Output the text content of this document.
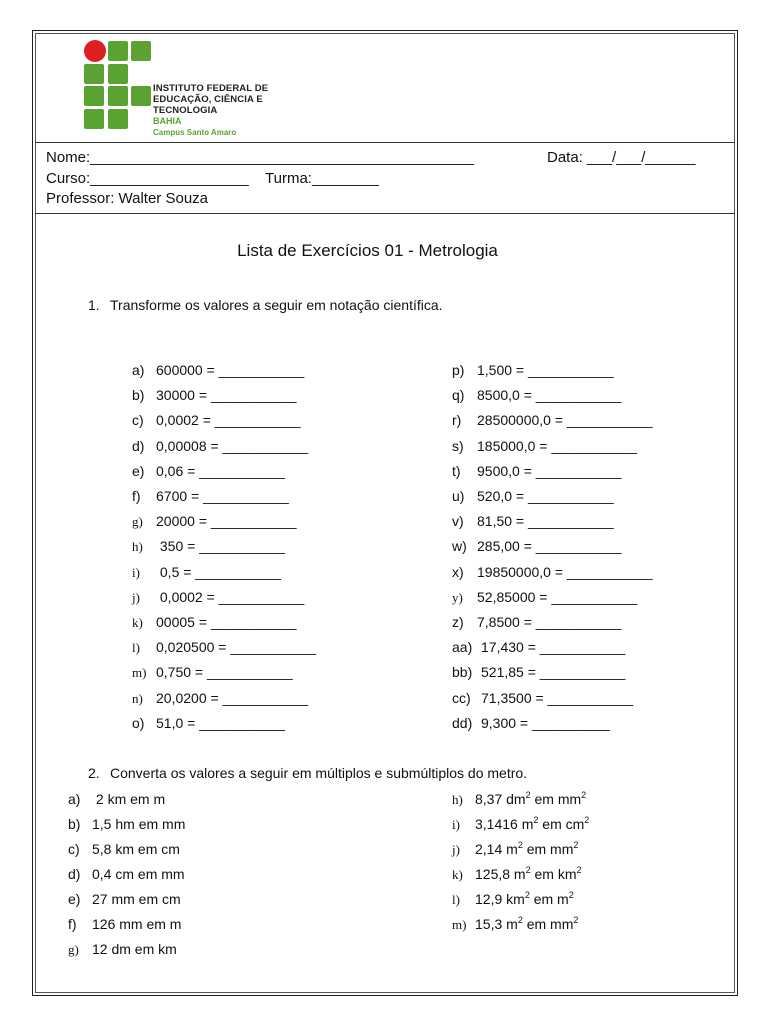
INSTITUTO FEDERAL DE
EDUCAÇÃO, CIÊNCIA E TECNOLOGIA
BAHIA
Campus Santo Amaro
Nome:______________________________________________	Data: ___/___/______
Curso:___________________ Turma:________
Professor: Walter Souza
Lista de Exercícios 01 - Metrologia
1. Transforme os valores a seguir em notação científica.
a) 600000 = ___________
b) 30000 = ___________
c) 0,0002 = ___________
d) 0,00008 = ___________
e) 0,06 = ___________
f) 6700 = ___________
g) 20000 = ___________
h) 350 = ___________
i) 0,5 = ___________
j) 0,0002 = ___________
k) 00005 = ___________
l) 0,020500 = ___________
m) 0,750 = ___________
n) 20,0200 = ___________
o) 51,0 = ___________
p) 1,500 = ___________
q) 8500,0 = ___________
r) 28500000,0 = ___________
s) 185000,0 = ___________
t) 9500,0 = ___________
u) 520,0 = ___________
v) 81,50 = ___________
w) 285,00 = ___________
x) 19850000,0 = ___________
y) 52,85000 = ___________
z) 7,8500 = ___________
aa) 17,430 = ___________
bb) 521,85 = ___________
cc) 71,3500 = ___________
dd) 9,300 = __________
2. Converta os valores a seguir em múltiplos e submúltiplos do metro.
a) 2 km em m
b) 1,5 hm em mm
c) 5,8 km em cm
d) 0,4 cm em mm
e) 27 mm em cm
f) 126 mm em m
g) 12 dm em km
h) 8,37 $dm^2$ em $mm^2$
i) 3,1416 $m^2$ em $cm^2$
j) 2,14 $m^2$ em $mm^2$
k) 125,8 $m^2$ em $km^2$
l) 12,9 $km^2$ em $m^2$
m) 15,3 $m^2$ em $mm^2$
